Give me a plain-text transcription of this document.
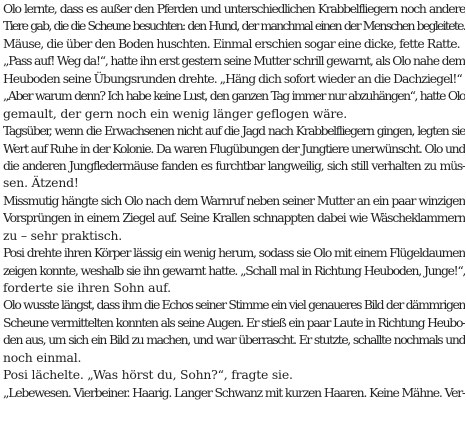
Olo lernte, dass es außer den Pferden und unterschiedlichen Krabbelfliegern noch andere
Tiere gab, die die Scheune besuchten: den Hund, der manchmal einen der Menschen begleitete.
Mäuse, die über den Boden huschten. Einmal erschien sogar eine dicke, fette Ratte.
„Pass auf! Weg da!“, hatte ihn erst gestern seine Mutter schrill gewarnt, als Olo nahe dem
Heuboden seine Übungsrunden drehte. „Häng dich sofort wieder an die Dachziegel!“
„Aber warum denn? Ich habe keine Lust, den ganzen Tag immer nur abzuhängen“, hatte Olo
gemault, der gern noch ein wenig länger geflogen wäre.
Tagsüber, wenn die Erwachsenen nicht auf die Jagd nach Krabbelfliegern gingen, legten sie
Wert auf Ruhe in der Kolonie. Da waren Flugübungen der Jungtiere unerwünscht. Olo und
die anderen Jungfledermäuse fanden es furchtbar langweilig, sich still verhalten zu müs-
sen. Ätzend!
Missmutig hängte sich Olo nach dem Warnruf neben seiner Mutter an ein paar winzigen
Vorsprüngen in einem Ziegel auf. Seine Krallen schnappten dabei wie Wäscheklammern
zu – sehr praktisch.
Posi drehte ihren Körper lässig ein wenig herum, sodass sie Olo mit einem Flügeldaumen
zeigen konnte, weshalb sie ihn gewarnt hatte. „Schall mal in Richtung Heuboden, Junge!“,
forderte sie ihren Sohn auf.
Olo wusste längst, dass ihm die Echos seiner Stimme ein viel genaueres Bild der dämmrigen
Scheune vermittelten konnten als seine Augen. Er stieß ein paar Laute in Richtung Heubo-
den aus, um sich ein Bild zu machen, und war überrascht. Er stutzte, schallte nochmals und
noch einmal.
Posi lächelte. „Was hörst du, Sohn?“, fragte sie.
„Lebewesen. Vierbeiner. Haarig. Langer Schwanz mit kurzen Haaren. Keine Mähne. Ver-
